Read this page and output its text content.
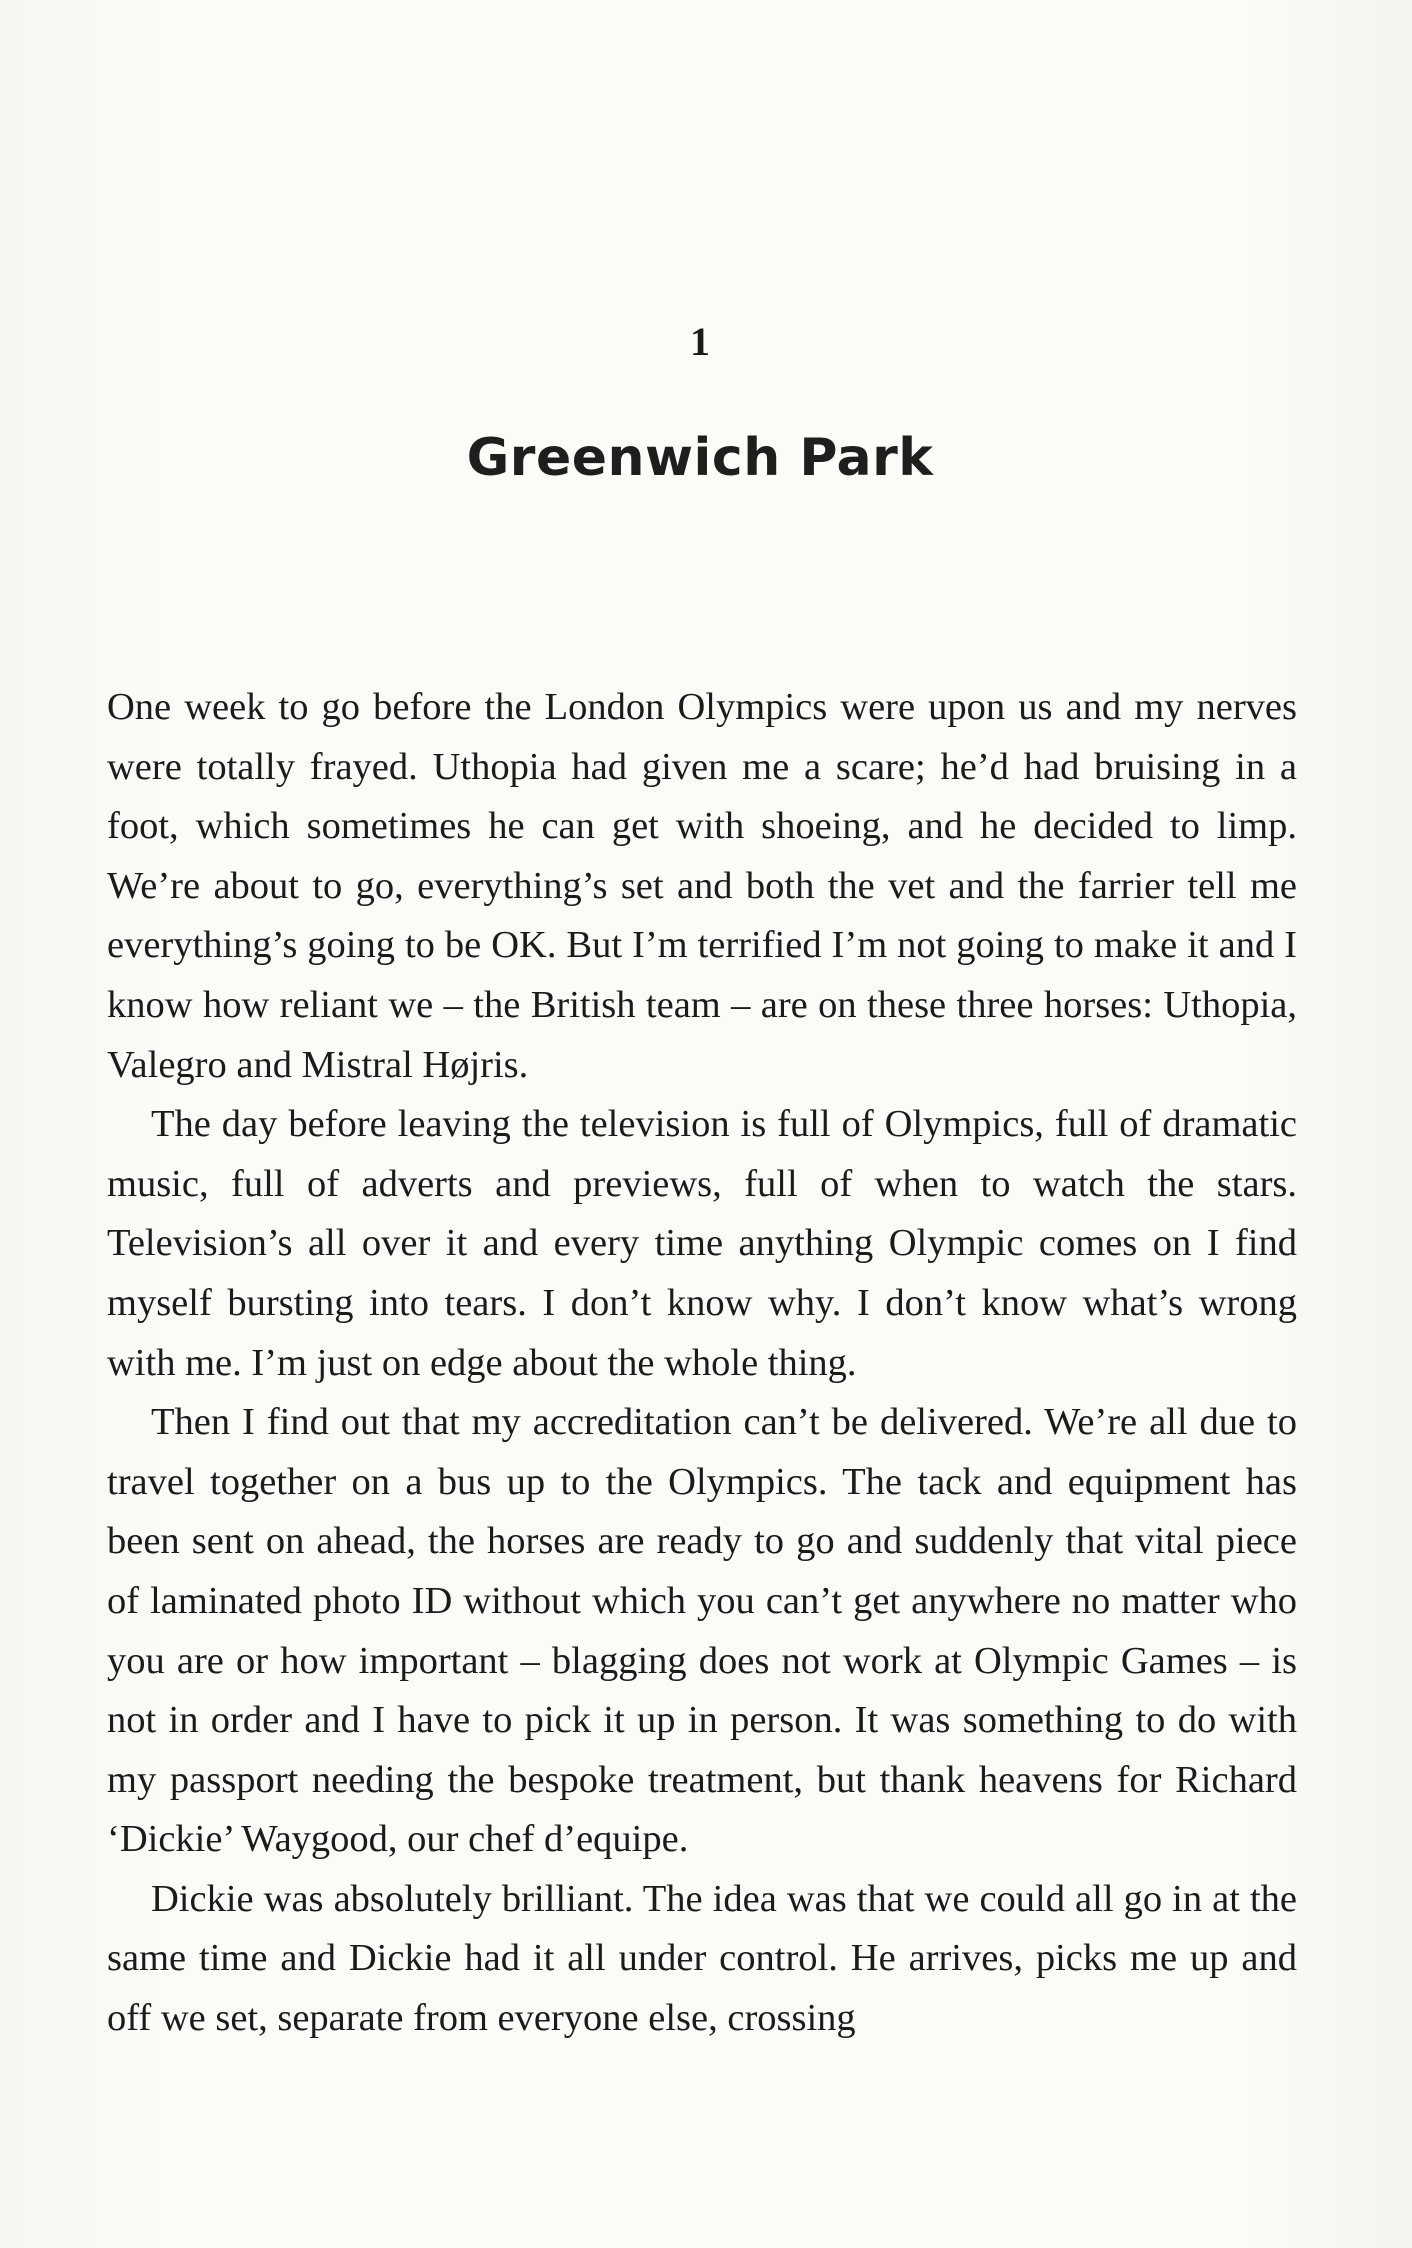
1
Greenwich Park

One week to go before the London Olympics were upon us and my nerves were totally frayed. Uthopia had given me a scare; he’d had bruising in a foot, which sometimes he can get with shoeing, and he decided to limp. We’re about to go, everything’s set and both the vet and the farrier tell me everything’s going to be OK. But I’m terrified I’m not going to make it and I know how reliant we – the British team – are on these three horses: Uthopia, Valegro and Mistral Højris.

The day before leaving the television is full of Olympics, full of dramatic music, full of adverts and previews, full of when to watch the stars. Television’s all over it and every time anything Olympic comes on I find myself bursting into tears. I don’t know why. I don’t know what’s wrong with me. I’m just on edge about the whole thing.

Then I find out that my accreditation can’t be delivered. We’re all due to travel together on a bus up to the Olympics. The tack and equipment has been sent on ahead, the horses are ready to go and suddenly that vital piece of laminated photo ID without which you can’t get anywhere no matter who you are or how important – blagging does not work at Olympic Games – is not in order and I have to pick it up in person. It was something to do with my passport needing the bespoke treatment, but thank heavens for Richard ‘Dickie’ Waygood, our chef d’equipe.

Dickie was absolutely brilliant. The idea was that we could all go in at the same time and Dickie had it all under control. He arrives, picks me up and off we set, separate from everyone else, crossing
